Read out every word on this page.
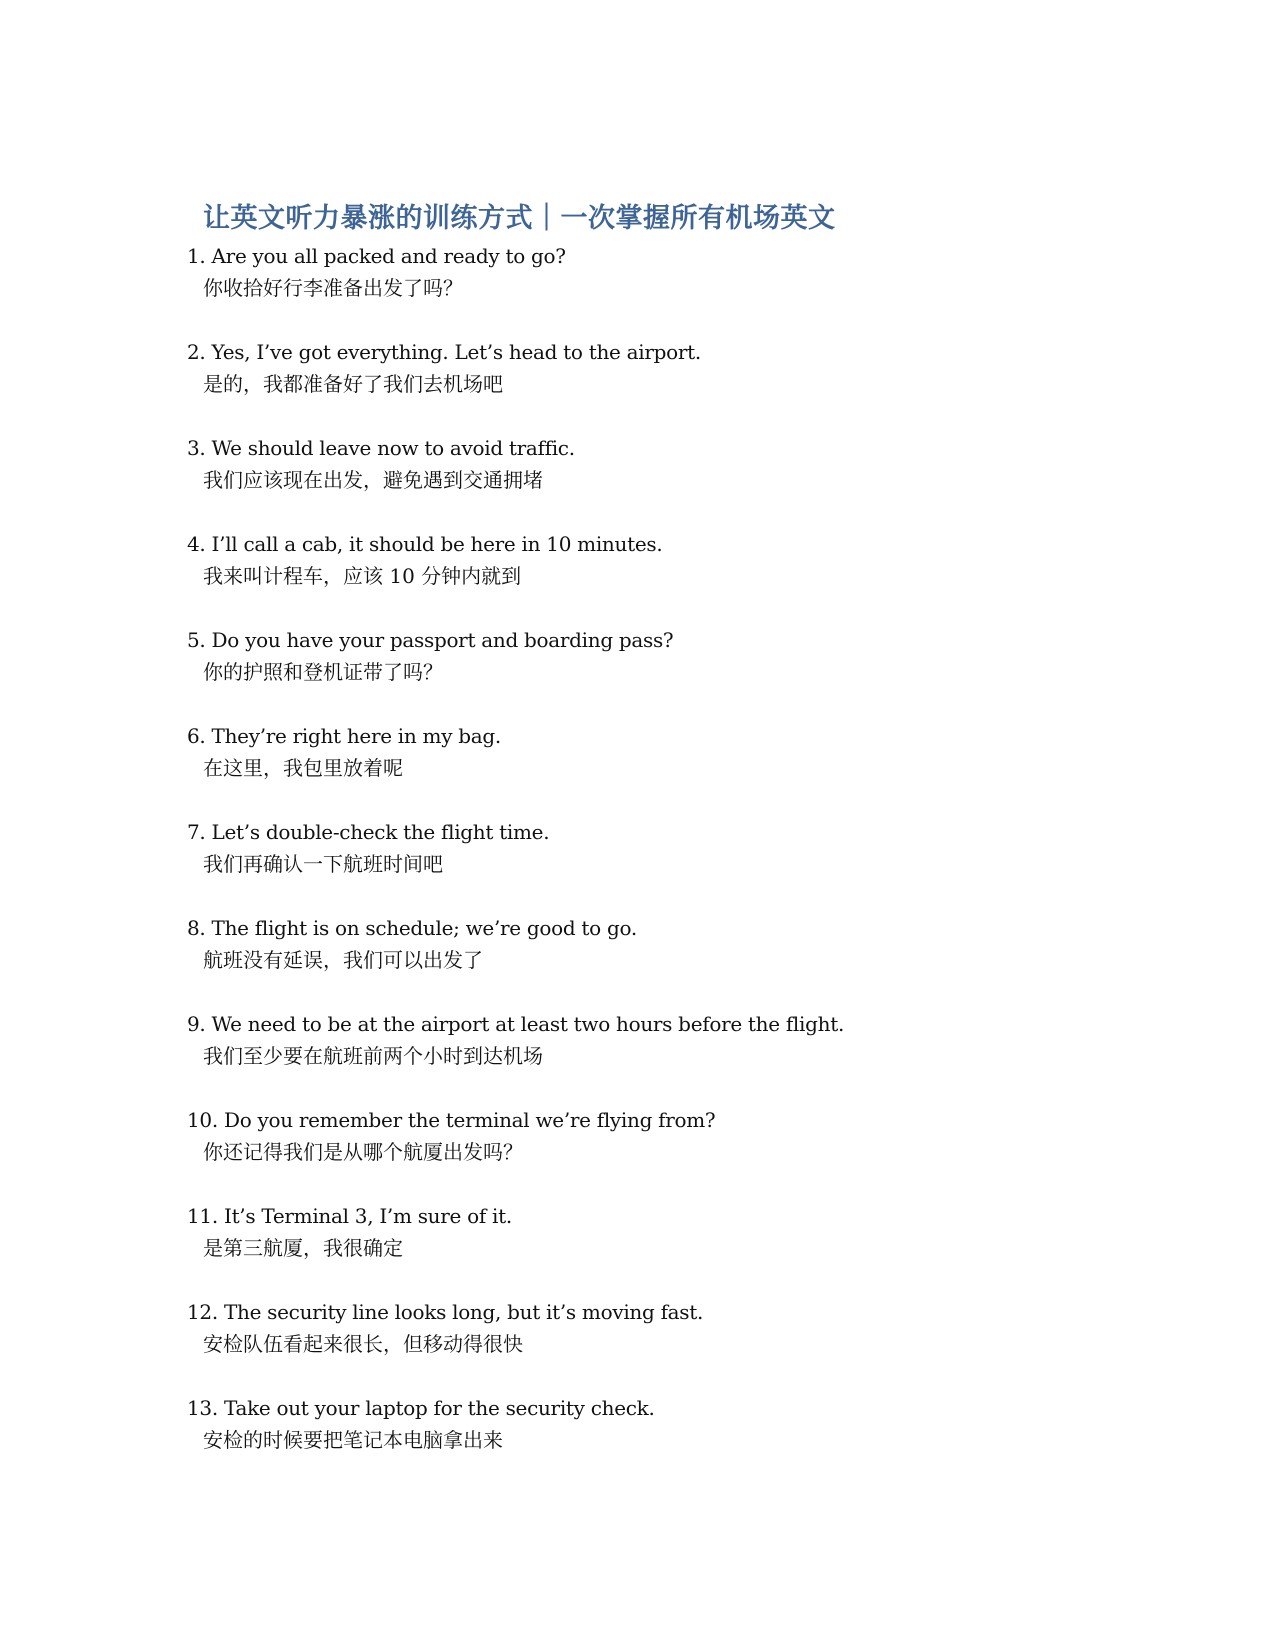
让英文听力暴涨的训练方式｜一次掌握所有机场英文
1. Are you all packed and ready to go?
你收拾好行李准备出发了吗？
2. Yes, I’ve got everything. Let’s head to the airport.
是的，我都准备好了我们去机场吧
3. We should leave now to avoid traffic.
我们应该现在出发，避免遇到交通拥堵
4. I’ll call a cab, it should be here in 10 minutes.
我来叫计程车，应该 10 分钟内就到
5. Do you have your passport and boarding pass?
你的护照和登机证带了吗？
6. They’re right here in my bag.
在这里，我包里放着呢
7. Let’s double-check the flight time.
我们再确认一下航班时间吧
8. The flight is on schedule; we’re good to go.
航班没有延误，我们可以出发了
9. We need to be at the airport at least two hours before the flight.
我们至少要在航班前两个小时到达机场
10. Do you remember the terminal we’re flying from?
你还记得我们是从哪个航厦出发吗？
11. It’s Terminal 3, I’m sure of it.
是第三航厦，我很确定
12. The security line looks long, but it’s moving fast.
安检队伍看起来很长，但移动得很快
13. Take out your laptop for the security check.
安检的时候要把笔记本电脑拿出来
